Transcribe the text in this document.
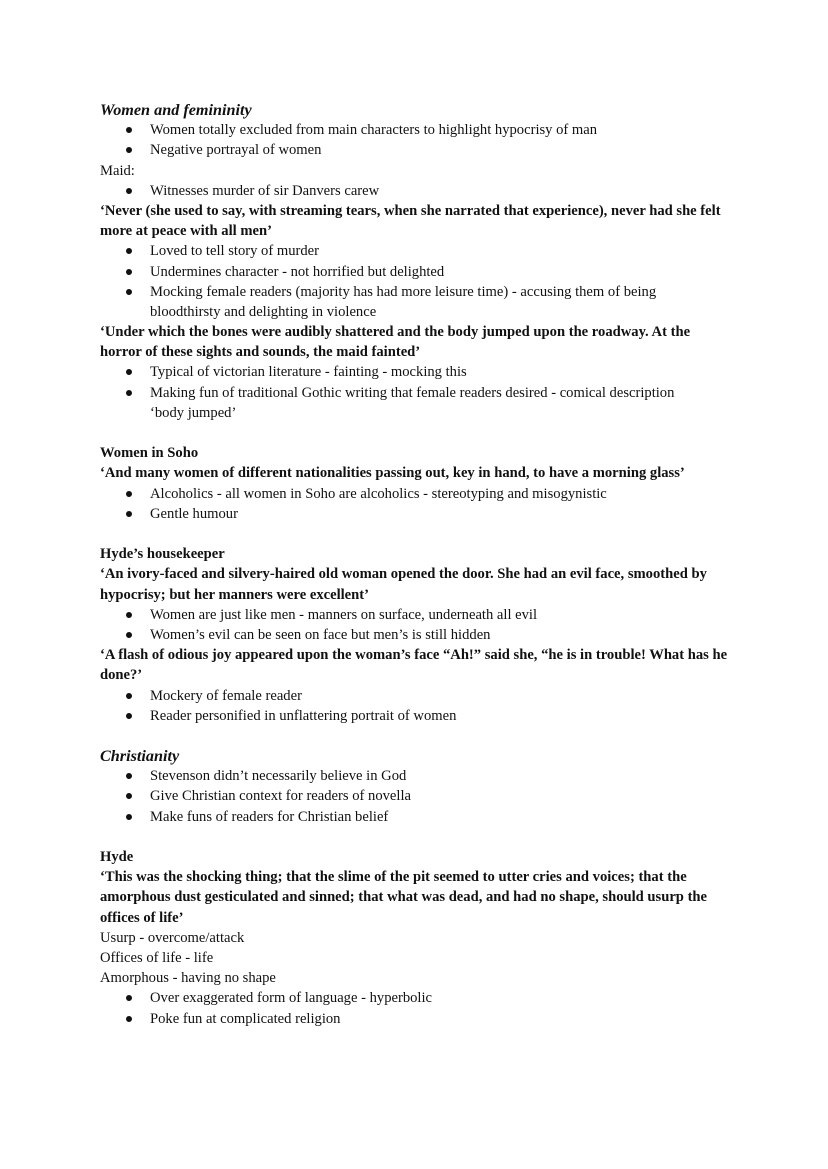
Women and femininity
Women totally excluded from main characters to highlight hypocrisy of man
Negative portrayal of women
Maid:
Witnesses murder of sir Danvers carew
‘Never (she used to say, with streaming tears, when she narrated that experience), never had she felt more at peace with all men’
Loved to tell story of murder
Undermines character - not horrified but delighted
Mocking female readers (majority has had more leisure time) - accusing them of being bloodthirsty and delighting in violence
‘Under which the bones were audibly shattered and the body jumped upon the roadway. At the horror of these sights and sounds, the maid fainted’
Typical of victorian literature - fainting - mocking this
Making fun of traditional Gothic writing that female readers desired - comical description ‘body jumped’
Women in Soho
‘And many women of different nationalities passing out, key in hand, to have a morning glass’
Alcoholics - all women in Soho are alcoholics - stereotyping and misogynistic
Gentle humour
Hyde’s housekeeper
‘An ivory-faced and silvery-haired old woman opened the door. She had an evil face, smoothed by hypocrisy; but her manners were excellent’
Women are just like men - manners on surface, underneath all evil
Women’s evil can be seen on face but men’s is still hidden
‘A flash of odious joy appeared upon the woman’s face “Ah!” said she, “he is in trouble! What has he done?’
Mockery of female reader
Reader personified in unflattering portrait of women
Christianity
Stevenson didn’t necessarily believe in God
Give Christian context for readers of novella
Make funs of readers for Christian belief
Hyde
‘This was the shocking thing; that the slime of the pit seemed to utter cries and voices; that the amorphous dust gesticulated and sinned; that what was dead, and had no shape, should usurp the offices of life’
Usurp - overcome/attack
Offices of life - life
Amorphous - having no shape
Over exaggerated form of language - hyperbolic
Poke fun at complicated religion
